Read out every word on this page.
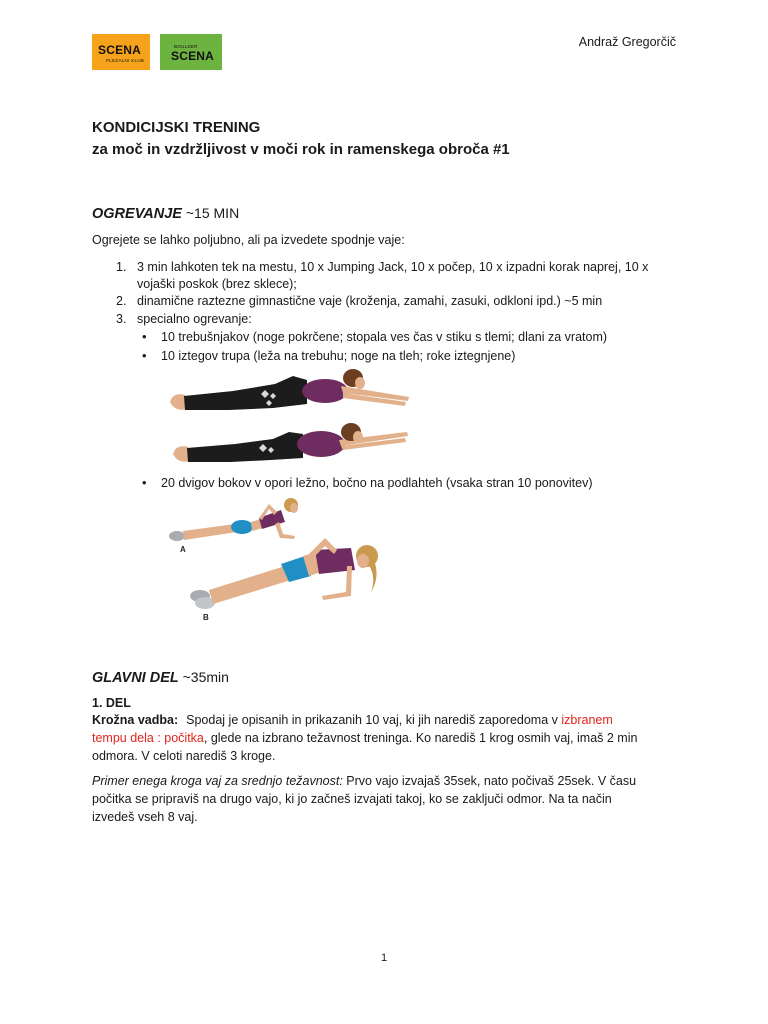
SCENA
PLEZALNI KLUB
BOULDER
SCENA
Andraž Gregorčič
KONDICIJSKI TRENING
za moč in vzdržljivost v moči rok in ramenskega obroča #1
OGREVANJE ~15 MIN
Ogrejete se lahko poljubno, ali pa izvedete spodnje vaje:
1. 3 min lahkoten tek na mestu, 10 x Jumping Jack, 10 x počep, 10 x izpadni korak naprej, 10 x
vojaški poskok (brez sklece);
2. dinamične raztezne gimnastične vaje (kroženja, zamahi, zasuki, odkloni ipd.) ~5 min
3. specialno ogrevanje:
•
10 trebušnjakov (noge pokrčene; stopala ves čas v stiku s tlemi; dlani za vratom)
•
10 iztegov trupa (leža na trebuhu; noge na tleh; roke iztegnjene)
•
20 dvigov bokov v opori ležno, bočno na podlahteh (vsaka stran 10 ponovitev)
A
B
GLAVNI DEL ~35min
1. DEL
Krožna vadba: Spodaj je opisanih in prikazanih 10 vaj, ki jih narediš zaporedoma v izbranem
tempu dela : počitka, glede na izbrano težavnost treninga. Ko narediš 1 krog osmih vaj, imaš 2 min
odmora. V celoti narediš 3 kroge.
Primer enega kroga vaj za srednjo težavnost: Prvo vajo izvajaš 35sek, nato počivaš 25sek. V času
počitka se pripraviš na drugo vajo, ki jo začneš izvajati takoj, ko se zaključi odmor. Na ta način
izvedeš vseh 8 vaj.
1
